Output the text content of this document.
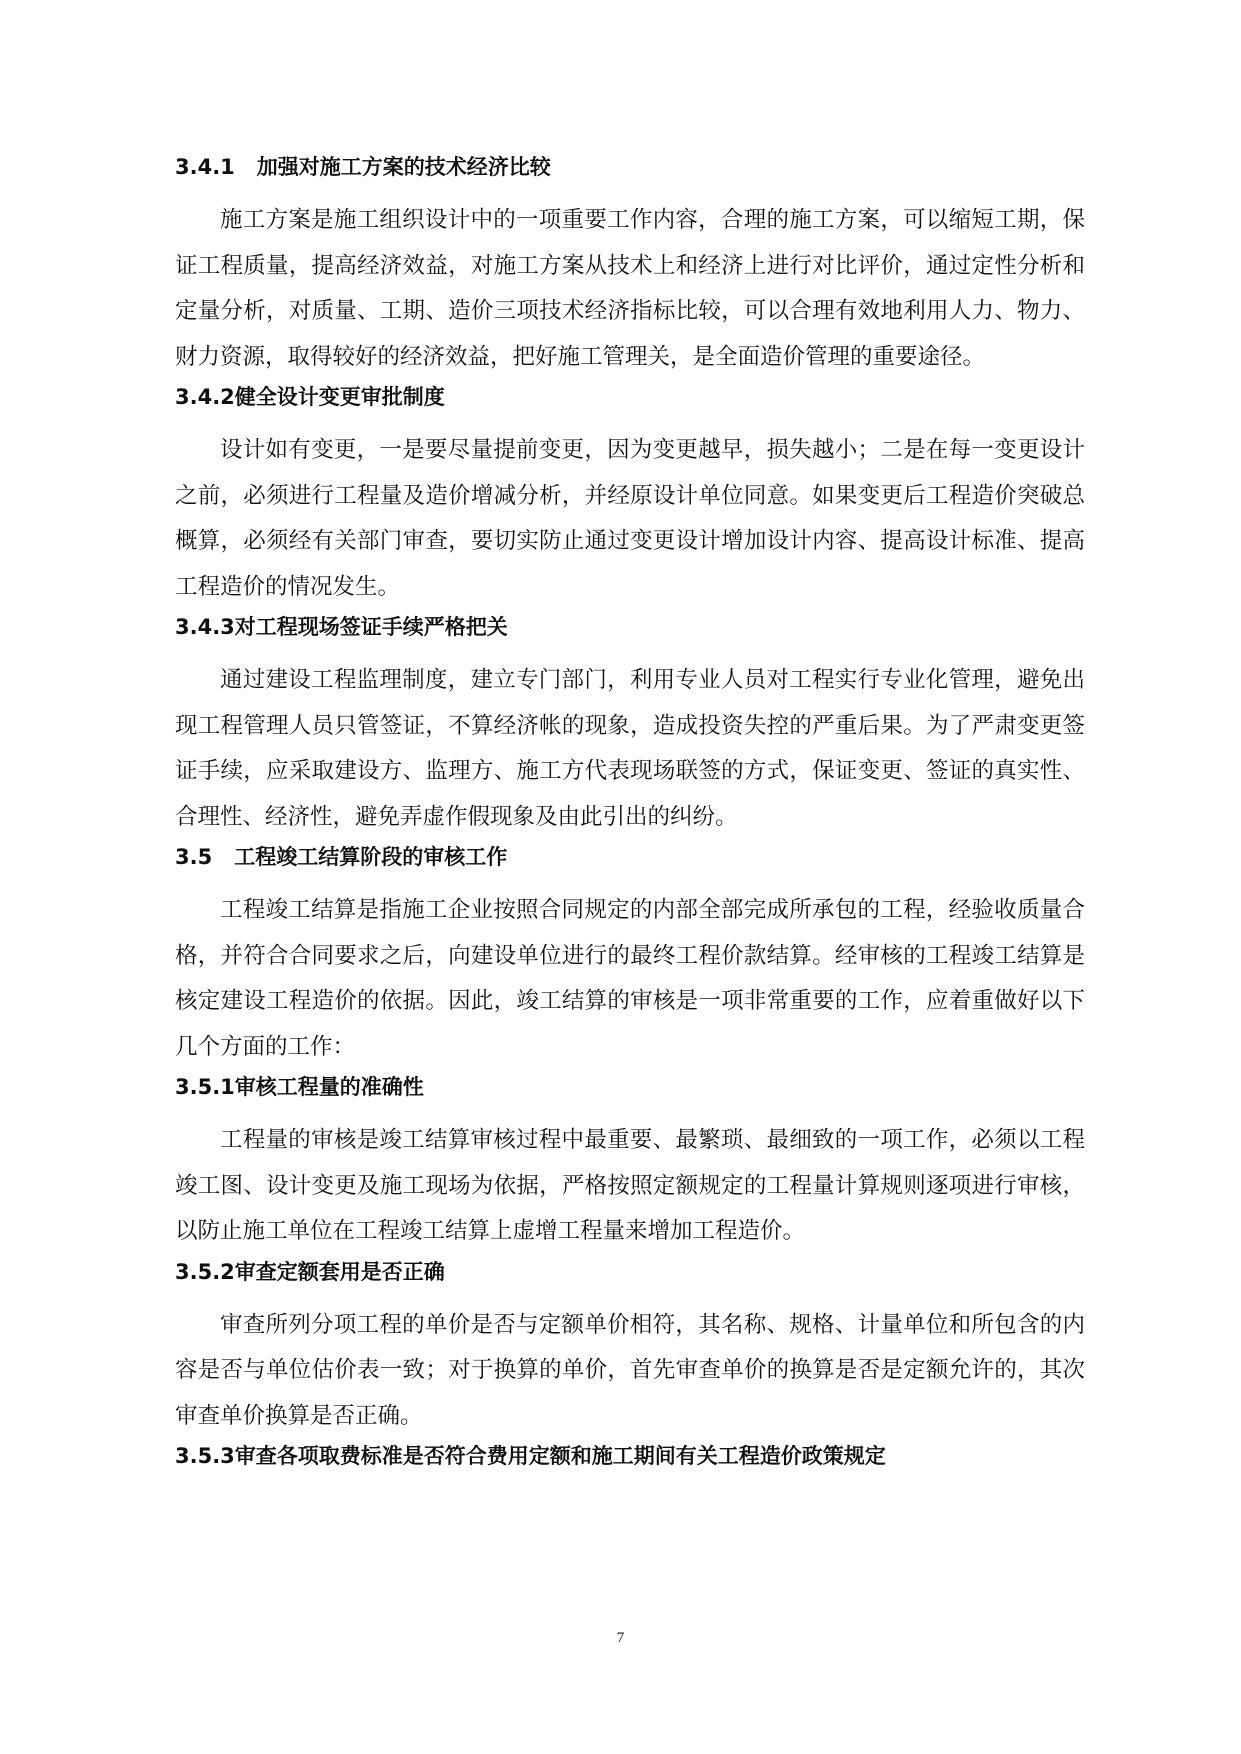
3.4.1 加强对施工方案的技术经济比较

施工方案是施工组织设计中的一项重要工作内容，合理的施工方案，可以缩短工期，保证工程质量，提高经济效益，对施工方案从技术上和经济上进行对比评价，通过定性分析和定量分析，对质量、工期、造价三项技术经济指标比较，可以合理有效地利用人力、物力、财力资源，取得较好的经济效益，把好施工管理关，是全面造价管理的重要途径。

3.4.2健全设计变更审批制度

设计如有变更，一是要尽量提前变更，因为变更越早，损失越小；二是在每一变更设计之前，必须进行工程量及造价增减分析，并经原设计单位同意。如果变更后工程造价突破总概算，必须经有关部门审查，要切实防止通过变更设计增加设计内容、提高设计标准、提高工程造价的情况发生。

3.4.3对工程现场签证手续严格把关

通过建设工程监理制度，建立专门部门，利用专业人员对工程实行专业化管理，避免出现工程管理人员只管签证，不算经济帐的现象，造成投资失控的严重后果。为了严肃变更签证手续，应采取建设方、监理方、施工方代表现场联签的方式，保证变更、签证的真实性、合理性、经济性，避免弄虚作假现象及由此引出的纠纷。

3.5 工程竣工结算阶段的审核工作

工程竣工结算是指施工企业按照合同规定的内部全部完成所承包的工程，经验收质量合格，并符合合同要求之后，向建设单位进行的最终工程价款结算。经审核的工程竣工结算是核定建设工程造价的依据。因此，竣工结算的审核是一项非常重要的工作，应着重做好以下几个方面的工作：

3.5.1审核工程量的准确性

工程量的审核是竣工结算审核过程中最重要、最繁琐、最细致的一项工作，必须以工程竣工图、设计变更及施工现场为依据，严格按照定额规定的工程量计算规则逐项进行审核，以防止施工单位在工程竣工结算上虚增工程量来增加工程造价。

3.5.2审查定额套用是否正确

审查所列分项工程的单价是否与定额单价相符，其名称、规格、计量单位和所包含的内容是否与单位估价表一致；对于换算的单价，首先审查单价的换算是否是定额允许的，其次审查单价换算是否正确。

3.5.3审查各项取费标准是否符合费用定额和施工期间有关工程造价政策规定
7
